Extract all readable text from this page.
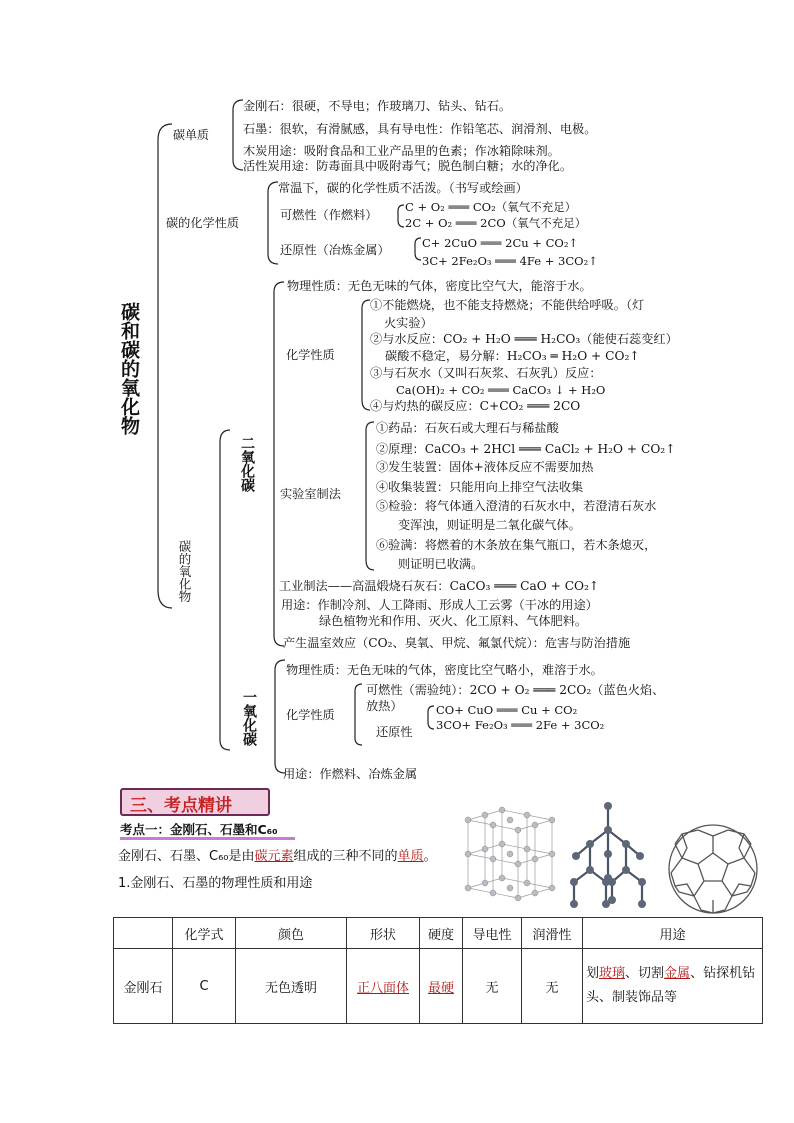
碳和碳的氧化物
碳单质
金刚石：很硬，不导电；作玻璃刀、钻头、钻石。
石墨：很软，有滑腻感，具有导电性：作铅笔芯、润滑剂、电极。
木炭用途：吸附食品和工业产品里的色素；作冰箱除味剂。
活性炭用途：防毒面具中吸附毒气；脱色制白糖；水的净化。
碳的化学性质
常温下，碳的化学性质不活泼。（书写或绘画）
可燃性（作燃料）
C + O₂ ═══ CO₂（氧气不充足）
2C + O₂ ═══ 2CO（氧气不充足）
还原性（冶炼金属）	C+ 2CuO ═══ 2Cu + CO₂↑
3C+ 2Fe₂O₃ ═══ 4Fe + 3CO₂↑
碳的氧化物
二氧化碳
物理性质：无色无味的气体，密度比空气大，能溶于水。
化学性质
①不能燃烧，也不能支持燃烧；不能供给呼吸。（灯
火实验）
②与水反应：CO₂ + H₂O ═══ H₂CO₃（能使石蕊变红）
碳酸不稳定，易分解：H₂CO₃ ═ H₂O + CO₂↑
③与石灰水（又叫石灰浆、石灰乳）反应：
Ca(OH)₂ + CO₂ ═══ CaCO₃ ↓ + H₂O
④与灼热的碳反应：C+CO₂ ═══ 2CO
实验室制法
①药品：石灰石或大理石与稀盐酸
②原理：CaCO₃ + 2HCl ═══ CaCl₂ + H₂O + CO₂↑
③发生装置：固体+液体反应不需要加热
④收集装置：只能用向上排空气法收集
⑤检验：将气体通入澄清的石灰水中，若澄清石灰水
变浑浊，则证明是二氧化碳气体。
⑥验满：将燃着的木条放在集气瓶口，若木条熄灭，
则证明已收满。
工业制法——高温煅烧石灰石：CaCO₃ ═══ CaO + CO₂↑
用途：作制冷剂、人工降雨、形成人工云雾（干冰的用途）
绿色植物光和作用、灭火、化工原料、气体肥料。
产生温室效应（CO₂、臭氧、甲烷、氟氯代烷）：危害与防治措施
一氧化碳
物理性质：无色无味的气体，密度比空气略小，难溶于水。
化学性质
可燃性（需验纯）：2CO + O₂ ═══ 2CO₂（蓝色火焰、
放热）
还原性
CO+ CuO ═══ Cu + CO₂
3CO+ Fe₂O₃ ═══ 2Fe + 3CO₂
用途：作燃料、冶炼金属
三、考点精讲
考点一：金刚石、石墨和C₆₀
金刚石、石墨、C₆₀是由碳元素组成的三种不同的单质。
1.金刚石、石墨的物理性质和用途
	化学式	颜色	形状	硬度	导电性	润滑性	用途
金刚石	C	无色透明	正八面体	最硬	无	无	划玻璃、切割金属、钻探机钻
头、制装饰品等
